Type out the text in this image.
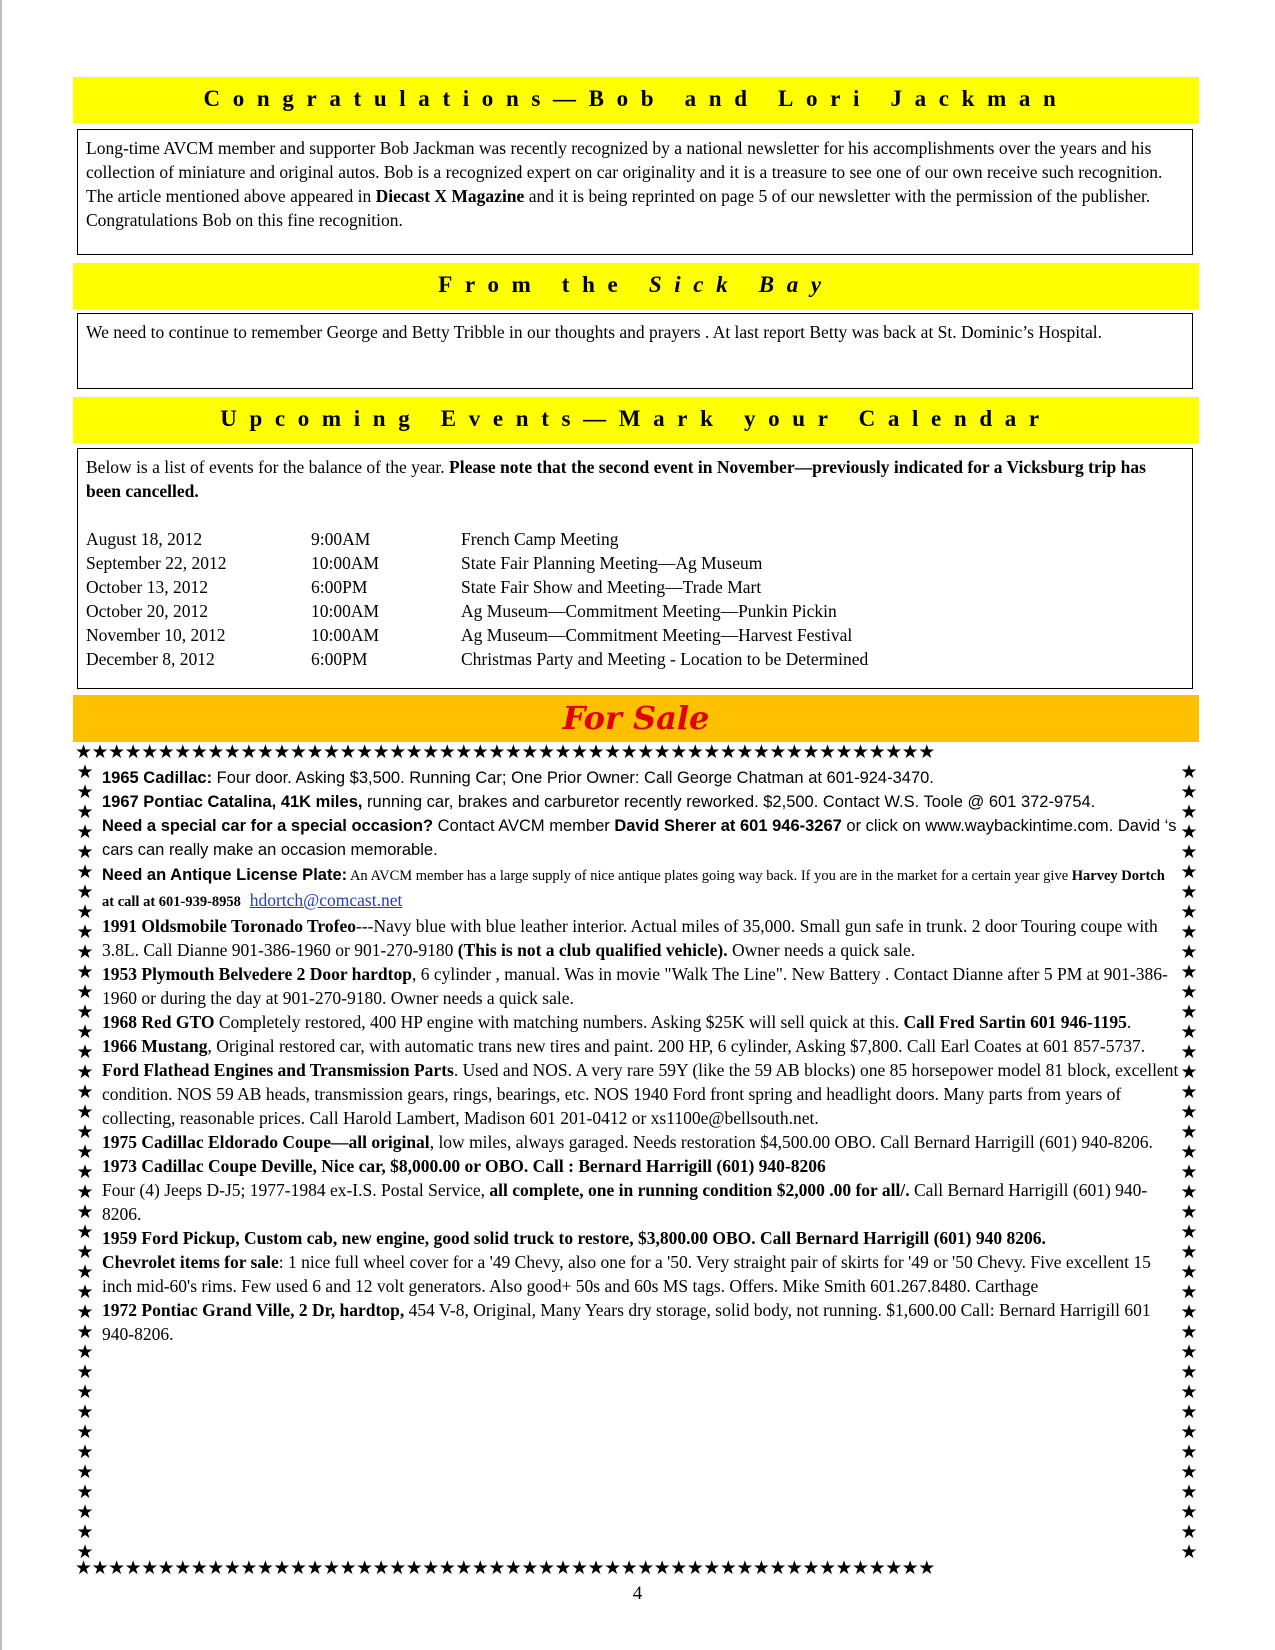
Congratulations—Bob and Lori Jackman

Long-time AVCM member and supporter Bob Jackman was recently recognized by a national newsletter for his accomplishments over the years and his collection of miniature and original autos. Bob is a recognized expert on car originality and it is a treasure to see one of our own receive such recognition. The article mentioned above appeared in Diecast X Magazine and it is being reprinted on page 5 of our newsletter with the permission of the publisher. Congratulations Bob on this fine recognition.

From the Sick Bay

We need to continue to remember George and Betty Tribble in our thoughts and prayers . At last report Betty was back at St. Dominic’s Hospital.

Upcoming Events—Mark your Calendar

Below is a list of events for the balance of the year. Please note that the second event in November—previously indicated for a Vicksburg trip has been cancelled.

August 18, 2012	9:00AM	French Camp Meeting
September 22, 2012	10:00AM	State Fair Planning Meeting—Ag Museum
October 13, 2012	6:00PM	State Fair Show and Meeting—Trade Mart
October 20, 2012	10:00AM	Ag Museum—Commitment Meeting—Punkin Pickin
November 10, 2012	10:00AM	Ag Museum—Commitment Meeting—Harvest Festival
December 8, 2012	6:00PM	Christmas Party and Meeting - Location to be Determined
For Sale
★★★★★★★★★★★★★★★★★★★★★★★★★★★★★★★★★★★★★★★★★★★★★★★★★★★★
★★★★★★★★★★★★★★★★★★★★★★★★★★★★★★★★★★★★★★★★★★★★★★★★★★★★
★
★
★
★
★
★
★
★
★
★
★
★
★
★
★
★
★
★
★
★
★
★
★
★
★
★
★
★
★
★
★
★
★
★
★
★
★
★
★
★
★
★
★
★
★
★
★
★
★
★
★
★
★
★
★
★
★
★
★
★
★
★
★
★
★
★
★
★
★
★
★
★
★
★
★
★
★
★
★
★

1965 Cadillac: Four door. Asking $3,500. Running Car; One Prior Owner: Call George Chatman at 601-924-3470.

1967 Pontiac Catalina, 41K miles, running car, brakes and carburetor recently reworked. $2,500. Contact W.S. Toole @ 601 372-9754.

Need a special car for a special occasion? Contact AVCM member David Sherer at 601 946-3267 or click on www.waybackintime.com. David ‘s cars can really make an occasion memorable.

Need an Antique License Plate: An AVCM member has a large supply of nice antique plates going way back. If you are in the market for a certain year give Harvey Dortch at call at 601-939-8958 hdortch@comcast.net

1991 Oldsmobile Toronado Trofeo---Navy blue with blue leather interior. Actual miles of 35,000. Small gun safe in trunk. 2 door Touring coupe with 3.8L. Call Dianne 901-386-1960 or 901-270-9180 (This is not a club qualified vehicle). Owner needs a quick sale.

1953 Plymouth Belvedere 2 Door hardtop, 6 cylinder , manual. Was in movie "Walk The Line". New Battery . Contact Dianne after 5 PM at 901-386-1960 or during the day at 901-270-9180. Owner needs a quick sale.

1968 Red GTO Completely restored, 400 HP engine with matching numbers. Asking $25K will sell quick at this. Call Fred Sartin 601 946-1195.

1966 Mustang, Original restored car, with automatic trans new tires and paint. 200 HP, 6 cylinder, Asking $7,800. Call Earl Coates at 601 857-5737.

Ford Flathead Engines and Transmission Parts. Used and NOS. A very rare 59Y (like the 59 AB blocks) one 85 horsepower model 81 block, excellent condition. NOS 59 AB heads, transmission gears, rings, bearings, etc. NOS 1940 Ford front spring and headlight doors. Many parts from years of collecting, reasonable prices. Call Harold Lambert, Madison 601 201-0412 or xs1100e@bellsouth.net.

1975 Cadillac Eldorado Coupe—all original, low miles, always garaged. Needs restoration $4,500.00 OBO. Call Bernard Harrigill (601) 940-8206.

1973 Cadillac Coupe Deville, Nice car, $8,000.00 or OBO. Call : Bernard Harrigill (601) 940-8206

Four (4) Jeeps D-J5; 1977-1984 ex-I.S. Postal Service, all complete, one in running condition $2,000 .00 for all/. Call Bernard Harrigill (601) 940-8206.

1959 Ford Pickup, Custom cab, new engine, good solid truck to restore, $3,800.00 OBO. Call Bernard Harrigill (601) 940 8206.

Chevrolet items for sale: 1 nice full wheel cover for a '49 Chevy, also one for a '50. Very straight pair of skirts for '49 or '50 Chevy. Five excellent 15 inch mid-60's rims. Few used 6 and 12 volt generators. Also good+ 50s and 60s MS tags. Offers. Mike Smith 601.267.8480. Carthage

1972 Pontiac Grand Ville, 2 Dr, hardtop, 454 V-8, Original, Many Years dry storage, solid body, not running. $1,600.00 Call: Bernard Harrigill 601 940-8206.

4
